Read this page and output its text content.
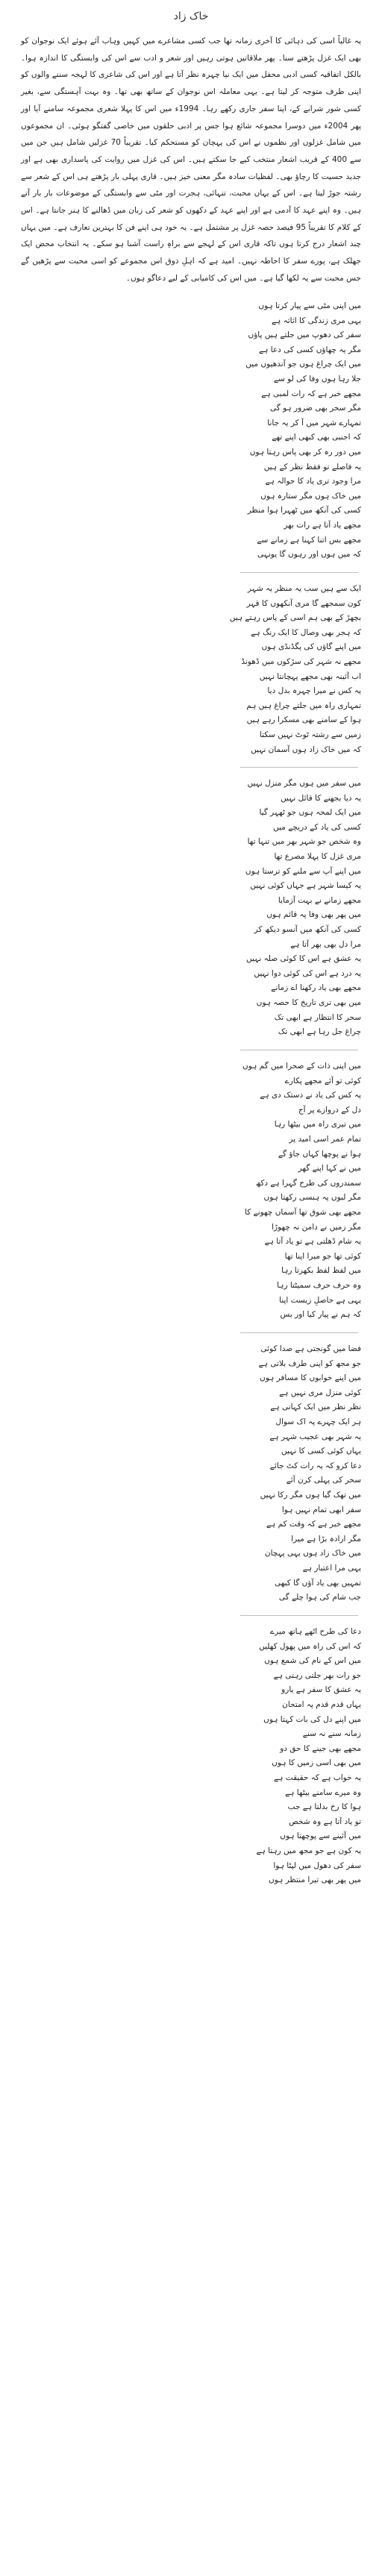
خاک زاد

یہ غالباً اسی کی دہائی کا آخری زمانہ تھا جب کسی مشاعرے میں کہیں وہاب آئے ہوئے ایک نوجوان کو بھی ایک غزل پڑھتے سنا۔ پھر ملاقاتیں ہوتی رہیں اور شعر و ادب سے اس کی وابستگی کا اندازہ ہوا۔ بالکل اتفاقیہ کسی ادبی محفل میں ایک نیا چہرہ نظر آتا ہے اور اس کی شاعری کا لہجہ سننے والوں کو اپنی طرف متوجہ کر لیتا ہے۔ یہی معاملہ اس نوجوان کے ساتھ بھی تھا۔ وہ بہت آہستگی سے، بغیر کسی شور شرابے کے، اپنا سفر جاری رکھے رہا۔ 1994ء میں اس کا پہلا شعری مجموعہ سامنے آیا اور پھر 2004ء میں دوسرا مجموعہ شائع ہوا جس پر ادبی حلقوں میں خاصی گفتگو ہوئی۔ ان مجموعوں میں شامل غزلوں اور نظموں نے اس کی پہچان کو مستحکم کیا۔ تقریباً 70 غزلیں شامل ہیں جن میں سے 400 کے قریب اشعار منتخب کیے جا سکتے ہیں۔ اس کی غزل میں روایت کی پاسداری بھی ہے اور جدید حسیت کا رچاؤ بھی۔ لفظیات سادہ مگر معنی خیز ہیں۔ قاری پہلی بار پڑھتے ہی اس کے شعر سے رشتہ جوڑ لیتا ہے۔ اس کے یہاں محبت، تنہائی، ہجرت اور مٹی سے وابستگی کے موضوعات بار بار آتے ہیں۔ وہ اپنے عہد کا آدمی ہے اور اپنے عہد کے دکھوں کو شعر کی زبان میں ڈھالنے کا ہنر جانتا ہے۔ اس کے کلام کا تقریباً 95 فیصد حصہ غزل پر مشتمل ہے۔ یہ خود ہی اپنے فن کا بہترین تعارف ہے۔ میں یہاں چند اشعار درج کرتا ہوں تاکہ قاری اس کے لہجے سے براہِ راست آشنا ہو سکے۔ یہ انتخاب محض ایک جھلک ہے، پورے سفر کا احاطہ نہیں۔ امید ہے کہ اہلِ ذوق اس مجموعے کو اسی محبت سے پڑھیں گے جس محبت سے یہ لکھا گیا ہے۔ میں اس کی کامیابی کے لیے دعاگو ہوں۔

میں اپنی مٹی سے پیار کرتا ہوں
یہی مری زندگی کا اثاثہ ہے
سفر کی دھوپ میں جلتے ہیں پاؤں
مگر یہ چھاؤں کسی کی دعا ہے
میں ایک چراغ ہوں جو آندھیوں میں
جلا رہا ہوں وفا کی لو سے
مجھے خبر ہے کہ رات لمبی ہے
مگر سحر بھی ضرور ہو گی
تمہارے شہر میں آ کر یہ جانا
کہ اجنبی بھی کبھی اپنے تھے
میں دور رہ کر بھی پاس رہتا ہوں
یہ فاصلے تو فقط نظر کے ہیں
مرا وجود تری یاد کا حوالہ ہے
میں خاک ہوں مگر ستارہ ہوں
کسی کی آنکھ میں ٹھہرا ہوا منظر
مجھے یاد آتا ہے رات بھر
مجھے بس اتنا کہنا ہے زمانے سے
کہ میں ہوں اور رہوں گا یونہی
ایک سے ہیں سب یہ منظر یہ شہر
کون سمجھے گا مری آنکھوں کا قہر
بچھڑ کے بھی ہم اسی کے پاس رہتے ہیں
کہ ہجر بھی وصال کا ایک رنگ ہے
میں اپنے گاؤں کی پگڈنڈی ہوں
مجھے نہ شہر کی سڑکوں میں ڈھونڈ
اب آئینہ بھی مجھے پہچانتا نہیں
یہ کس نے میرا چہرہ بدل دیا
تمہاری راہ میں جلتے چراغ ہیں ہم
ہوا کے سامنے بھی مسکرا رہے ہیں
زمیں سے رشتہ ٹوٹ نہیں سکتا
کہ میں خاک زاد ہوں آسمان نہیں
میں سفر میں ہوں مگر منزل نہیں
یہ دیا بجھنے کا قائل نہیں
میں ایک لمحہ ہوں جو ٹھہر گیا
کسی کی یاد کے دریچے میں
وہ شخص جو شہر بھر میں تنہا تھا
مری غزل کا پہلا مصرع تھا
میں اپنے آپ سے ملنے کو ترستا ہوں
یہ کیسا شہر ہے جہاں کوئی نہیں
مجھے زمانے نے بہت آزمایا
میں پھر بھی وفا پہ قائم ہوں
کسی کی آنکھ میں آنسو دیکھ کر
مرا دل بھی بھر آتا ہے
یہ عشق ہے اس کا کوئی صلہ نہیں
یہ درد ہے اس کی کوئی دوا نہیں
مجھے بھی یاد رکھنا اے زمانے
میں بھی تری تاریخ کا حصہ ہوں
سحر کا انتظار ہے ابھی تک
چراغ جل رہا ہے ابھی تک
میں اپنی ذات کے صحرا میں گم ہوں
کوئی تو آئے مجھے پکارے
یہ کس کی یاد نے دستک دی ہے
دل کے دروازے پر آج
میں تیری راہ میں بیٹھا رہا
تمام عمر اسی امید پر
ہوا نے پوچھا کہاں جاؤ گے
میں نے کہا اپنے گھر
سمندروں کی طرح گہرا ہے دکھ
مگر لبوں پہ ہنسی رکھتا ہوں
مجھے بھی شوق تھا آسماں چھونے کا
مگر زمیں نے دامن نہ چھوڑا
یہ شام ڈھلتی ہے تو یاد آتا ہے
کوئی تھا جو میرا اپنا تھا
میں لفظ لفظ بکھرتا رہا
وہ حرف حرف سمیٹتا رہا
یہی ہے حاصلِ زیست اپنا
کہ ہم نے پیار کیا اور بس
فضا میں گونجتی ہے صدا کوئی
جو مجھ کو اپنی طرف بلاتی ہے
میں اپنے خوابوں کا مسافر ہوں
کوئی منزل مری نہیں ہے
نظر نظر میں ایک کہانی ہے
ہر ایک چہرے پہ اک سوال
یہ شہر بھی عجیب شہر ہے
یہاں کوئی کسی کا نہیں
دعا کرو کہ یہ رات کٹ جائے
سحر کی پہلی کرن آئے
میں تھک گیا ہوں مگر رکا نہیں
سفر ابھی تمام نہیں ہوا
مجھے خبر ہے کہ وقت کم ہے
مگر ارادہ بڑا ہے میرا
میں خاک زاد ہوں یہی پہچان
یہی مرا اعتبار ہے
تمہیں بھی یاد آؤں گا کبھی
جب شام کی ہوا چلے گی
دعا کی طرح اٹھے ہاتھ میرے
کہ اس کی راہ میں پھول کھلیں
میں اس کے نام کی شمع ہوں
جو رات بھر جلتی رہتی ہے
یہ عشق کا سفر ہے یارو
یہاں قدم قدم پہ امتحان
میں اپنے دل کی بات کہتا ہوں
زمانہ سنے نہ سنے
مجھے بھی جینے کا حق دو
میں بھی اسی زمیں کا ہوں
یہ خواب ہے کہ حقیقت ہے
وہ میرے سامنے بیٹھا ہے
ہوا کا رخ بدلتا ہے جب
تو یاد آتا ہے وہ شخص
میں آئینے سے پوچھتا ہوں
یہ کون ہے جو مجھ میں رہتا ہے
سفر کی دھول میں لپٹا ہوا
میں پھر بھی تیرا منتظر ہوں
